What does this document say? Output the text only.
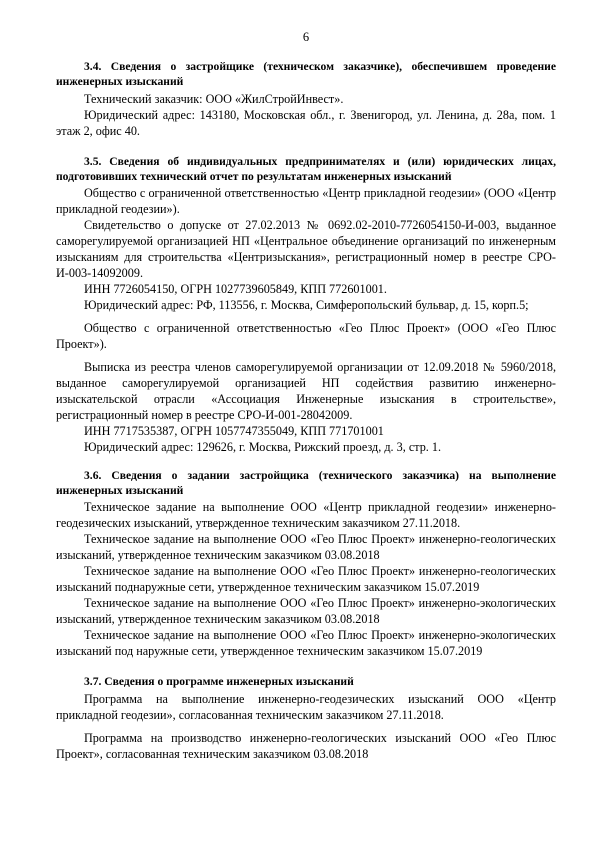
6

3.4. Сведения о застройщике (техническом заказчике), обеспечившем проведение инженерных изысканий

Технический заказчик: ООО «ЖилСтройИнвест».

Юридический адрес: 143180, Московская обл., г. Звенигород, ул. Ленина, д. 28а, пом. 1 этаж 2, офис 40.

3.5. Сведения об индивидуальных предпринимателях и (или) юридических лицах, подготовивших технический отчет по результатам инженерных изысканий

Общество с ограниченной ответственностью «Центр прикладной геодезии» (ООО «Центр прикладной геодезии»).

Свидетельство о допуске от 27.02.2013 № 0692.02-2010-7726054150-И-003, выданное саморегулируемой организацией НП «Центральное объединение организаций по инженерным изысканиям для строительства «Центризыскания», регистрационный номер в реестре СРО-И-003-14092009.

ИНН 7726054150, ОГРН 1027739605849, КПП 772601001.

Юридический адрес: РФ, 113556, г. Москва, Симферопольский бульвар, д. 15, корп.5;

Общество с ограниченной ответственностью «Гео Плюс Проект» (ООО «Гео Плюс Проект»).

Выписка из реестра членов саморегулируемой организации от 12.09.2018 № 5960/2018, выданное саморегулируемой организацией НП содействия развитию инженерно-изыскательской отрасли «Ассоциация Инженерные изыскания в строительстве», регистрационный номер в реестре СРО-И-001-28042009.

ИНН 7717535387, ОГРН 1057747355049, КПП 771701001

Юридический адрес: 129626, г. Москва, Рижский проезд, д. 3, стр. 1.

3.6. Сведения о задании застройщика (технического заказчика) на выполнение инженерных изысканий

Техническое задание на выполнение ООО «Центр прикладной геодезии» инженерно-геодезических изысканий, утвержденное техническим заказчиком 27.11.2018.

Техническое задание на выполнение ООО «Гео Плюс Проект» инженерно-геологических изысканий, утвержденное техническим заказчиком 03.08.2018

Техническое задание на выполнение ООО «Гео Плюс Проект» инженерно-геологических изысканий поднаружные сети, утвержденное техническим заказчиком 15.07.2019

Техническое задание на выполнение ООО «Гео Плюс Проект» инженерно-экологических изысканий, утвержденное техническим заказчиком 03.08.2018

Техническое задание на выполнение ООО «Гео Плюс Проект» инженерно-экологических изысканий под наружные сети, утвержденное техническим заказчиком 15.07.2019

3.7. Сведения о программе инженерных изысканий

Программа на выполнение инженерно-геодезических изысканий ООО «Центр прикладной геодезии», согласованная техническим заказчиком 27.11.2018.

Программа на производство инженерно-геологических изысканий ООО «Гео Плюс Проект», согласованная техническим заказчиком 03.08.2018
